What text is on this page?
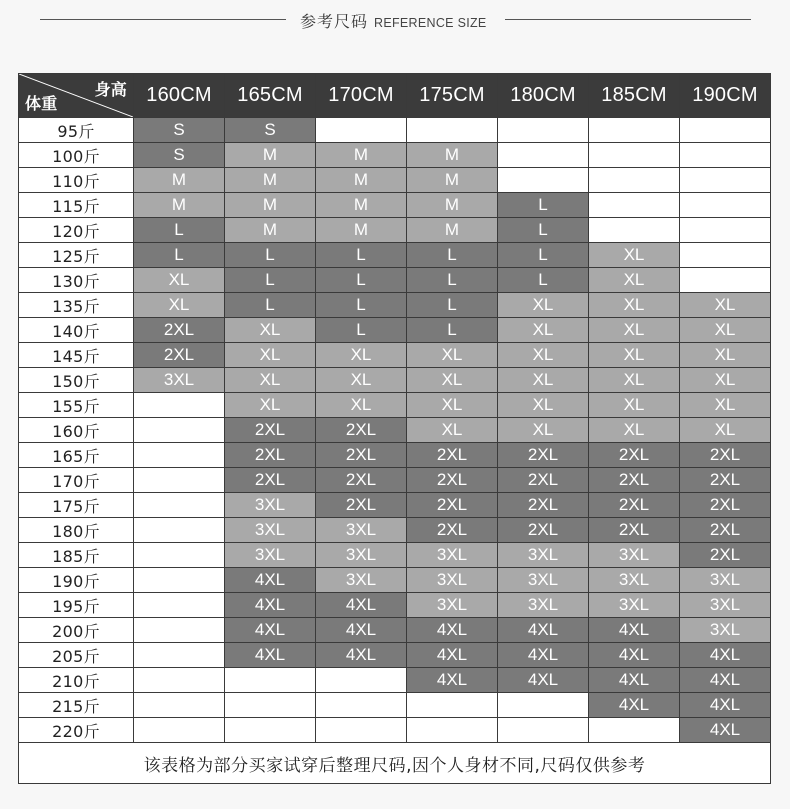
参考尺码 REFERENCE SIZE
身高
体重	160CM	165CM	170CM	175CM	180CM	185CM	190CM
95斤	S	S					
100斤	S	M	M	M			
110斤	M	M	M	M			
115斤	M	M	M	M	L		
120斤	L	M	M	M	L		
125斤	L	L	L	L	L	XL	
130斤	XL	L	L	L	L	XL	
135斤	XL	L	L	L	XL	XL	XL
140斤	2XL	XL	L	L	XL	XL	XL
145斤	2XL	XL	XL	XL	XL	XL	XL
150斤	3XL	XL	XL	XL	XL	XL	XL
155斤		XL	XL	XL	XL	XL	XL
160斤		2XL	2XL	XL	XL	XL	XL
165斤		2XL	2XL	2XL	2XL	2XL	2XL
170斤		2XL	2XL	2XL	2XL	2XL	2XL
175斤		3XL	2XL	2XL	2XL	2XL	2XL
180斤		3XL	3XL	2XL	2XL	2XL	2XL
185斤		3XL	3XL	3XL	3XL	3XL	2XL
190斤		4XL	3XL	3XL	3XL	3XL	3XL
195斤		4XL	4XL	3XL	3XL	3XL	3XL
200斤		4XL	4XL	4XL	4XL	4XL	3XL
205斤		4XL	4XL	4XL	4XL	4XL	4XL
210斤				4XL	4XL	4XL	4XL
215斤						4XL	4XL
220斤							4XL
该表格为部分买家试穿后整理尺码,因个人身材不同,尺码仅供参考							
